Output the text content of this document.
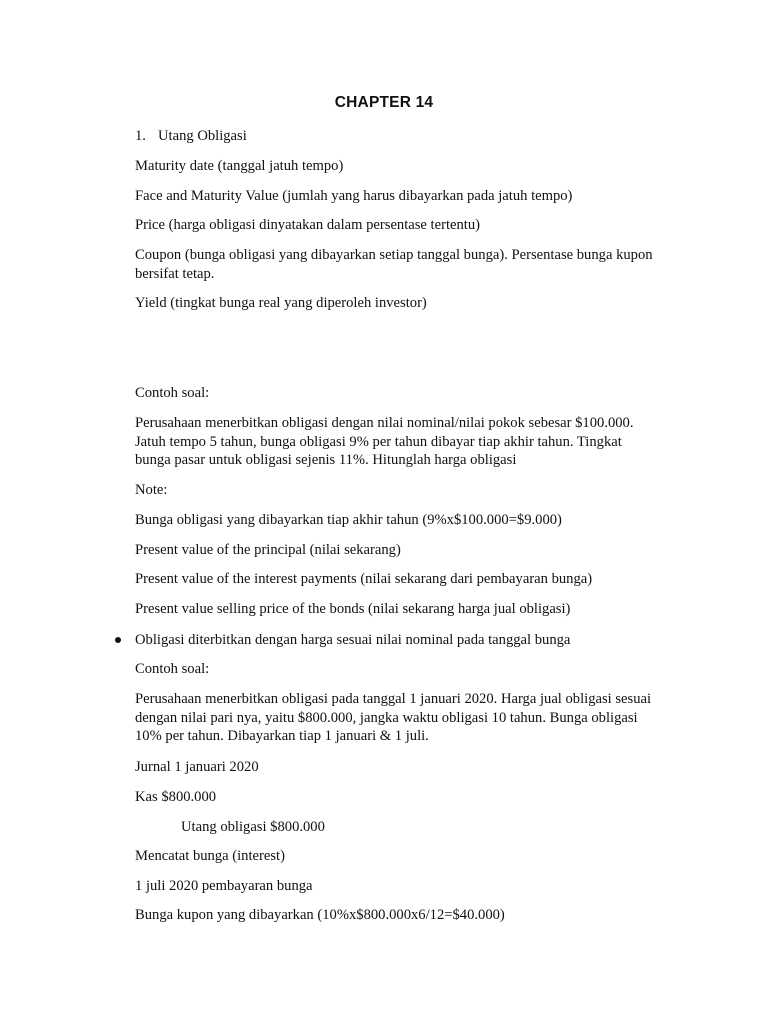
CHAPTER 14
1. Utang Obligasi
Maturity date (tanggal jatuh tempo)
Face and Maturity Value (jumlah yang harus dibayarkan pada jatuh tempo)
Price (harga obligasi dinyatakan dalam persentase tertentu)
Coupon (bunga obligasi yang dibayarkan setiap tanggal bunga). Persentase bunga kupon
bersifat tetap.
Yield (tingkat bunga real yang diperoleh investor)
Contoh soal:
Perusahaan menerbitkan obligasi dengan nilai nominal/nilai pokok sebesar $100.000.
Jatuh tempo 5 tahun, bunga obligasi 9% per tahun dibayar tiap akhir tahun. Tingkat
bunga pasar untuk obligasi sejenis 11%. Hitunglah harga obligasi
Note:
Bunga obligasi yang dibayarkan tiap akhir tahun (9%x$100.000=$9.000)
Present value of the principal (nilai sekarang)
Present value of the interest payments (nilai sekarang dari pembayaran bunga)
Present value selling price of the bonds (nilai sekarang harga jual obligasi)
Obligasi diterbitkan dengan harga sesuai nilai nominal pada tanggal bunga
Contoh soal:
Perusahaan menerbitkan obligasi pada tanggal 1 januari 2020. Harga jual obligasi sesuai
dengan nilai pari nya, yaitu $800.000, jangka waktu obligasi 10 tahun. Bunga obligasi
10% per tahun. Dibayarkan tiap 1 januari & 1 juli.
Jurnal 1 januari 2020
Kas $800.000
Utang obligasi $800.000
Mencatat bunga (interest)
1 juli 2020 pembayaran bunga
Bunga kupon yang dibayarkan (10%x$800.000x6/12=$40.000)
